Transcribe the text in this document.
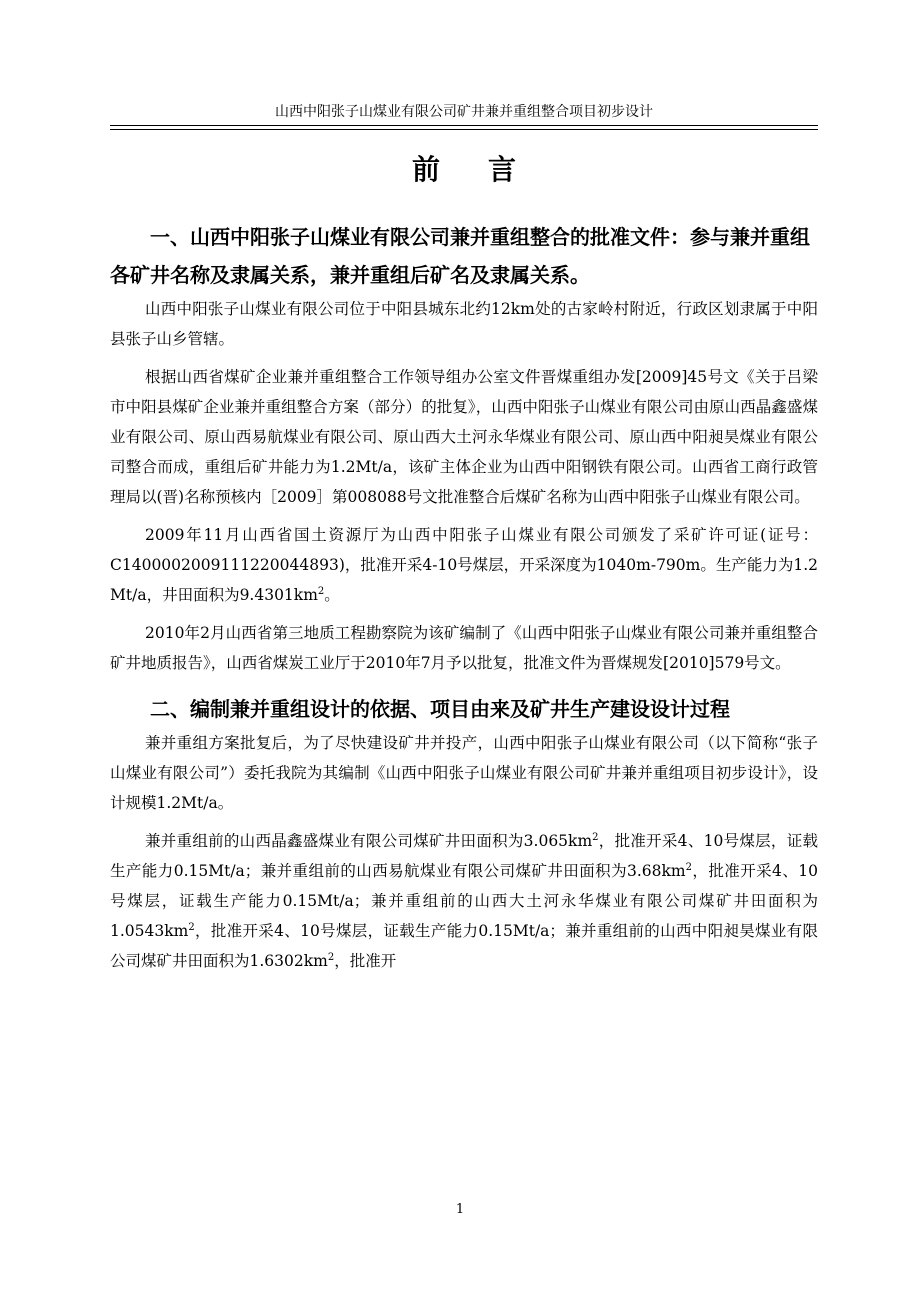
山西中阳张子山煤业有限公司矿井兼并重组整合项目初步设计
前言
一、山西中阳张子山煤业有限公司兼并重组整合的批准文件：参与兼并重组各矿井名称及隶属关系，兼并重组后矿名及隶属关系。

山西中阳张子山煤业有限公司位于中阳县城东北约12km处的古家岭村附近，行政区划隶属于中阳县张子山乡管辖。

根据山西省煤矿企业兼并重组整合工作领导组办公室文件晋煤重组办发[2009]45号文《关于吕梁市中阳县煤矿企业兼并重组整合方案（部分）的批复》，山西中阳张子山煤业有限公司由原山西晶鑫盛煤业有限公司、原山西易航煤业有限公司、原山西大土河永华煤业有限公司、原山西中阳昶昊煤业有限公司整合而成，重组后矿井能力为1.2Mt/a，该矿主体企业为山西中阳钢铁有限公司。山西省工商行政管理局以(晋)名称预核内［2009］第008088号文批准整合后煤矿名称为山西中阳张子山煤业有限公司。

2009年11月山西省国土资源厅为山西中阳张子山煤业有限公司颁发了采矿许可证(证号：C1400002009111220044893)，批准开采4-10号煤层，开采深度为1040m-790m。生产能力为1.2 Mt/a，井田面积为$9.4301km^2$。

2010年2月山西省第三地质工程勘察院为该矿编制了《山西中阳张子山煤业有限公司兼并重组整合矿井地质报告》，山西省煤炭工业厅于2010年7月予以批复，批准文件为晋煤规发[2010]579号文。

二、编制兼并重组设计的依据、项目由来及矿井生产建设设计过程

兼并重组方案批复后，为了尽快建设矿井并投产，山西中阳张子山煤业有限公司（以下简称“张子山煤业有限公司”）委托我院为其编制《山西中阳张子山煤业有限公司矿井兼并重组项目初步设计》，设计规模1.2Mt/a。

兼并重组前的山西晶鑫盛煤业有限公司煤矿井田面积为$3.065km^2$，批准开采4、10号煤层，证载生产能力0.15Mt/a；兼并重组前的山西易航煤业有限公司煤矿井田面积为$3.68km^2$，批准开采4、10号煤层，证载生产能力0.15Mt/a；兼并重组前的山西大土河永华煤业有限公司煤矿井田面积为$1.0543km^2$，批准开采4、10号煤层，证载生产能力0.15Mt/a；兼并重组前的山西中阳昶昊煤业有限公司煤矿井田面积为$1.6302km^2$，批准开

1
